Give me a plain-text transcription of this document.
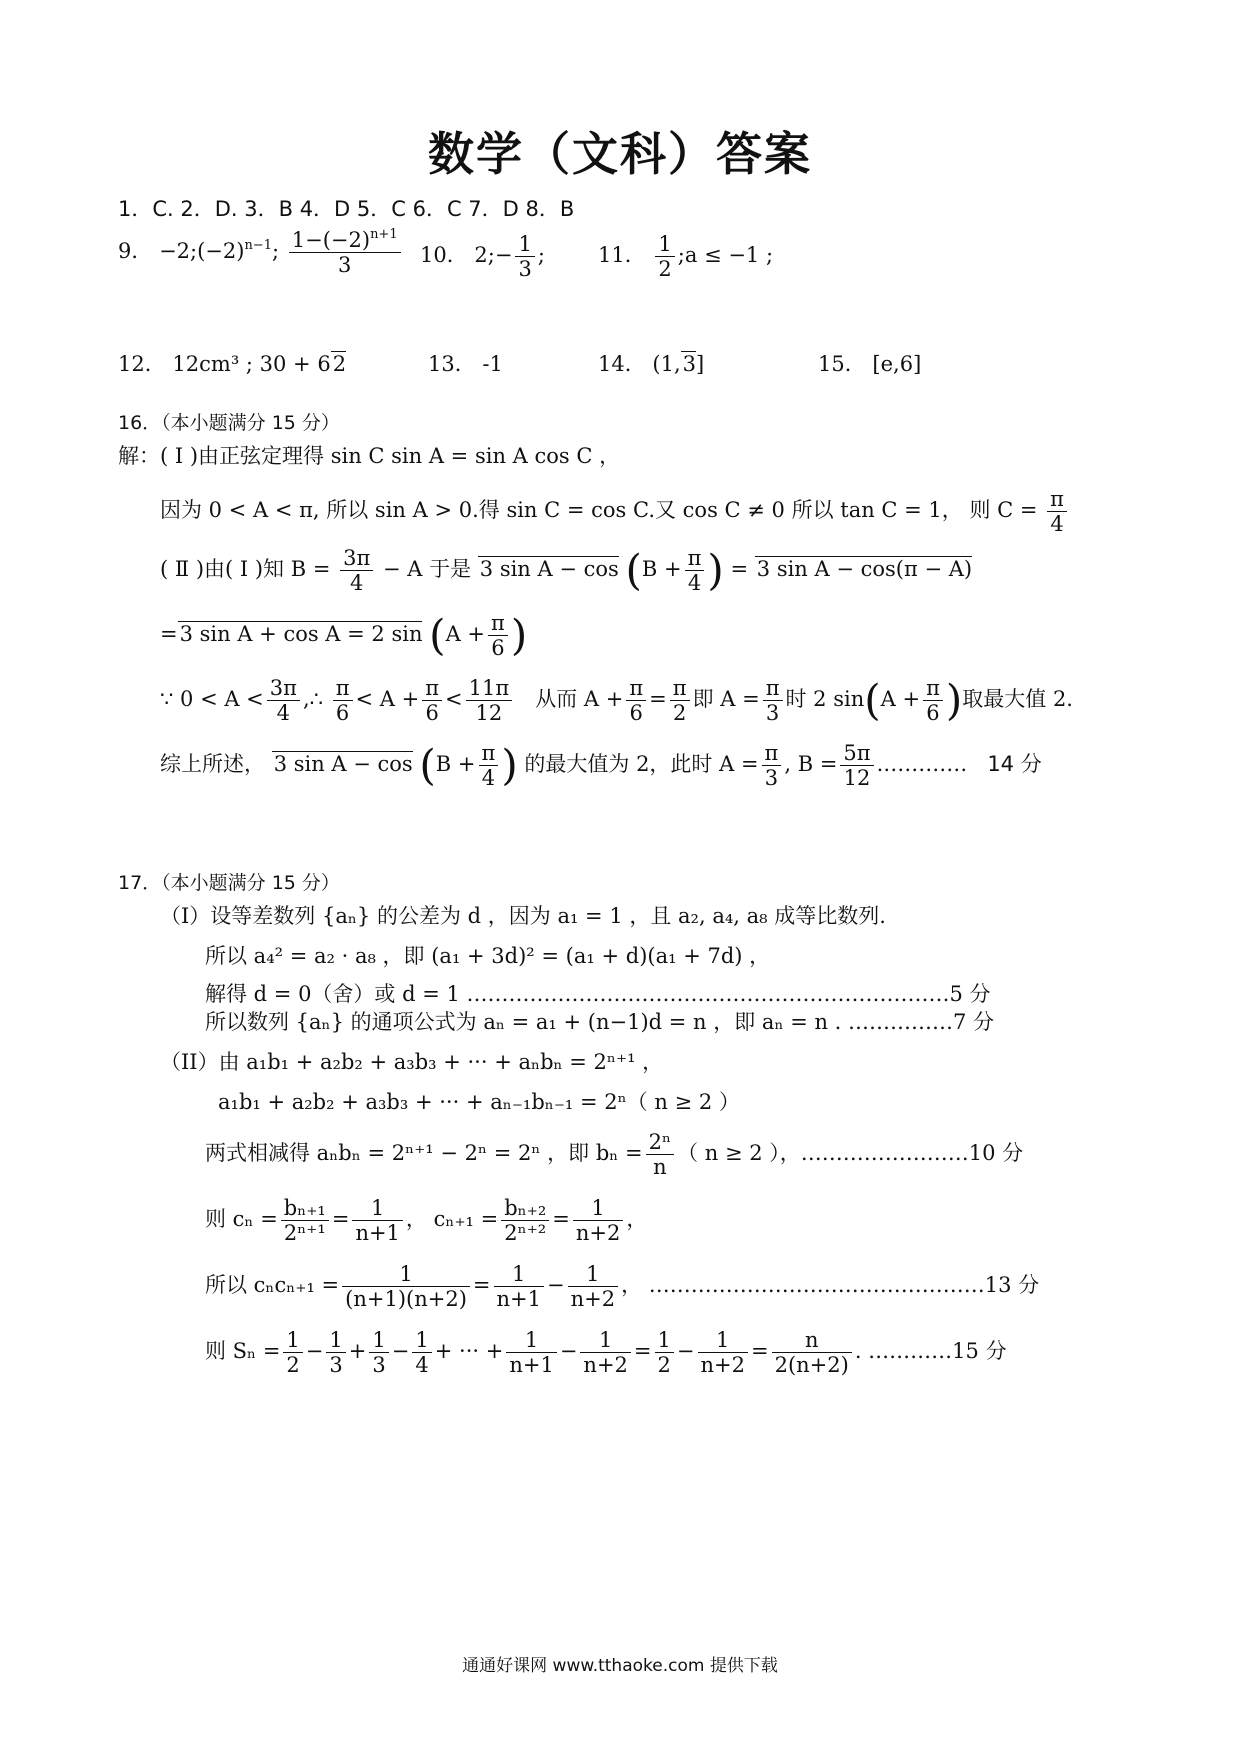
数学（文科）答案
1．C. 2．D. 3．B 4．D 5．C 6．C 7．D 8．B
9． $-2;(-2)^{n-1}$; $\frac{1-(-2)^{n+1}}{3} 10$． 2;− $\frac{1}{3}$ ;	11． $\frac{1}{2}$ ;a ≤ −1 ;
12． 12cm³ ; 30 + 62	13． -1	14． (1,3]	15． [e,6]
16．（本小题满分 15 分）
解：( Ⅰ )由正弦定理得 sin C sin A = sin A cos C ，
因为 0 < A < π, 所以 sin A > 0.得 sin C = cos C.又 cos C ≠ 0 所以 tan C = 1， 则 $C = \frac{\pi}{4}$
( Ⅱ )由( Ⅰ )知 $B = \frac{3\pi}{4} - A$ 于是 3 $\sin A - \cos (B + \frac{\pi}{4}$ ) = 3 sin A − cos(π − A)
=3 sin A + cos A = 2 $\sin (A + \frac{\pi}{6}$ )
∵ $0 < A < \frac{3\pi}{4}$ ,∴ $\frac{\pi}{6} < A + \frac{\pi}{6} < \frac{11\pi}{12}$ 从而 $A + \frac{\pi}{6} = \frac{\pi}{2}$ 即 $A = \frac{\pi}{3}$ 时 2 $\sin(A + \frac{\pi}{6}$ )取最大值 2.
综上所述， 3 $\sin A - \cos (B + \frac{\pi}{4}$ ) 的最大值为 2，此时 $A = \frac{\pi}{3}$ , $B = \frac{5\pi}{12}$ .………… 14 分
17．（本小题满分 15 分）
（I）设等差数列 {aₙ} 的公差为 d ，因为 a₁ = 1 ，且 a₂, a₄, a₈ 成等比数列.
所以 a₄² = a₂ · a₈ ，即 (a₁ + 3d)² = (a₁ + d)(a₁ + 7d) ，
解得 d = 0（舍）或 d = 1 ……………………………………………………………5 分
所以数列 {aₙ} 的通项公式为 aₙ = a₁ + (n−1)d = n ，即 aₙ = n . ……………7 分
（II）由 a₁b₁ + a₂b₂ + a₃b₃ + ··· + aₙbₙ = 2ⁿ⁺¹ ，
a₁b₁ + a₂b₂ + a₃b₃ + ··· + aₙ₋₁bₙ₋₁ = 2ⁿ（ n ≥ 2 ）
两式相减得 aₙbₙ = 2ⁿ⁺¹ − 2ⁿ = 2ⁿ ，即 $b_n = \frac{\text{2ⁿ}}{n}$ （ n ≥ 2 ），……………………10 分
则 $c_n = \frac{\text{bₙ₊₁}}{\text{2ⁿ⁺¹}} = \frac{1}{n+1}$ ， $c_{n+1} = \frac{\text{bₙ₊₂}}{\text{2ⁿ⁺²}} = \frac{1}{n+2}$ ，
所以 $c_nc_{n+1} = \frac{1}{(n+1)(n+2)} = \frac{1}{n+1} - \frac{1}{n+2}$ ， …………………………………………13 分
则 $S_n = \frac{1}{2} - \frac{1}{3} + \frac{1}{3} - \frac{1}{4}$ + ··· + $\frac{1}{n+1} - \frac{1}{n+2} = \frac{1}{2} - \frac{1}{n+2} = \frac{n}{2(n+2)}$ . …………15 分
通通好课网 www.tthaoke.com 提供下载
